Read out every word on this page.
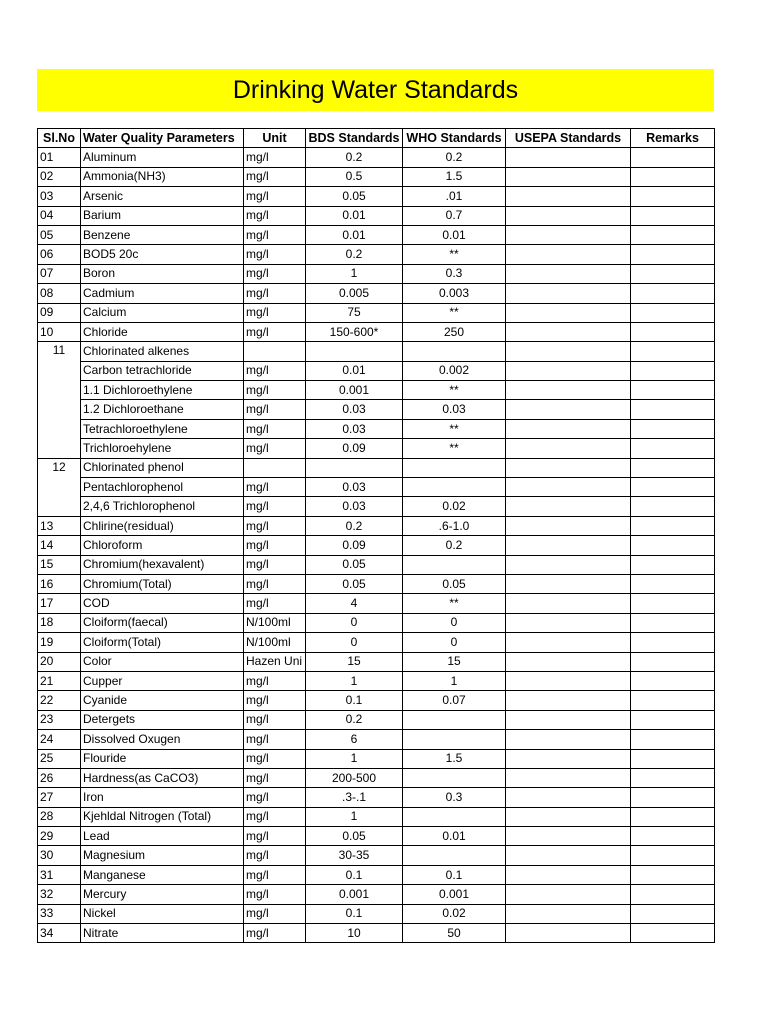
Drinking Water Standards
Sl.No	Water Quality Parameters	Unit	BDS Standards	WHO Standards	USEPA Standards	Remarks
01	Aluminum	mg/l	0.2	0.2		
02	Ammonia(NH3)	mg/l	0.5	1.5		
03	Arsenic	mg/l	0.05	.01		
04	Barium	mg/l	0.01	0.7		
05	Benzene	mg/l	0.01	0.01		
06	BOD5 20c	mg/l	0.2	**		
07	Boron	mg/l	1	0.3		
08	Cadmium	mg/l	0.005	0.003		
09	Calcium	mg/l	75	**		
10	Chloride	mg/l	150-600*	250		
11	Chlorinated alkenes					
	Carbon tetrachloride	mg/l	0.01	0.002		
	1.1 Dichloroethylene	mg/l	0.001	**		
	1.2 Dichloroethane	mg/l	0.03	0.03		
	Tetrachloroethylene	mg/l	0.03	**		
	Trichloroehylene	mg/l	0.09	**		
12	Chlorinated phenol					
	Pentachlorophenol	mg/l	0.03			
	2,4,6 Trichlorophenol	mg/l	0.03	0.02		
13	Chlirine(residual)	mg/l	0.2	.6-1.0		
14	Chloroform	mg/l	0.09	0.2		
15	Chromium(hexavalent)	mg/l	0.05			
16	Chromium(Total)	mg/l	0.05	0.05		
17	COD	mg/l	4	**		
18	Cloiform(faecal)	N/100ml	0	0		
19	Cloiform(Total)	N/100ml	0	0		
20	Color	Hazen Uni	15	15		
21	Cupper	mg/l	1	1		
22	Cyanide	mg/l	0.1	0.07		
23	Detergets	mg/l	0.2			
24	Dissolved Oxugen	mg/l	6			
25	Flouride	mg/l	1	1.5		
26	Hardness(as CaCO3)	mg/l	200-500			
27	Iron	mg/l	.3-.1	0.3		
28	Kjehldal Nitrogen (Total)	mg/l	1			
29	Lead	mg/l	0.05	0.01		
30	Magnesium	mg/l	30-35			
31	Manganese	mg/l	0.1	0.1		
32	Mercury	mg/l	0.001	0.001		
33	Nickel	mg/l	0.1	0.02		
34	Nitrate	mg/l	10	50		
